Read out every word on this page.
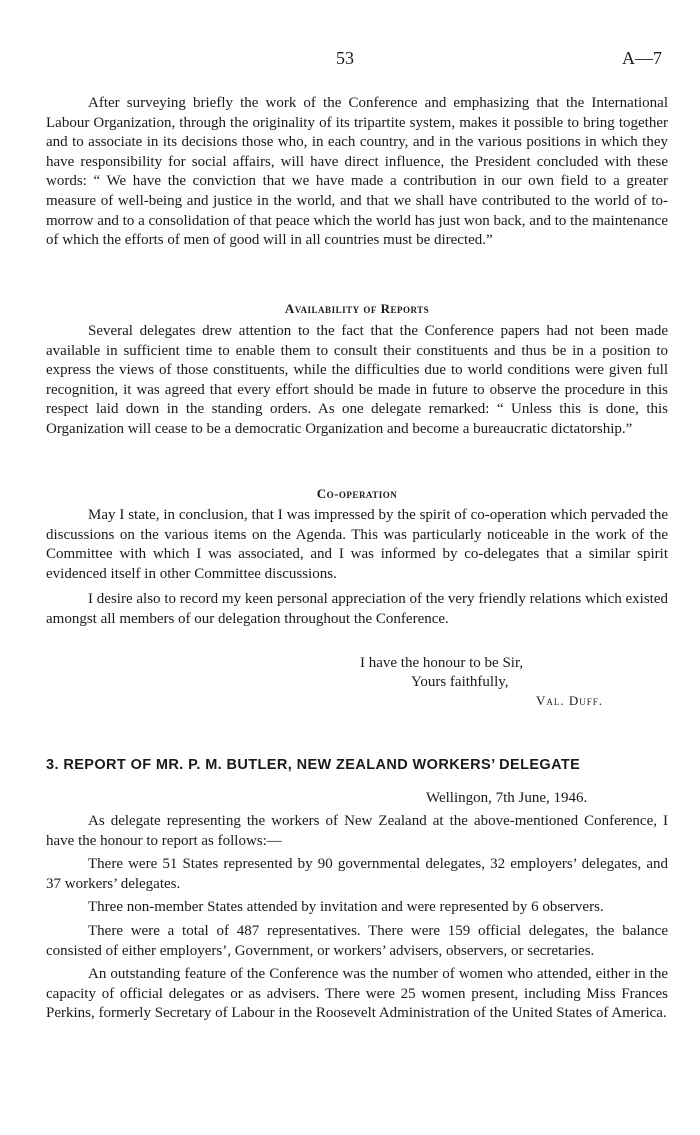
53	A—7

After surveying briefly the work of the Conference and emphasizing that the International Labour Organization, through the originality of its tripartite system, makes it possible to bring together and to associate in its decisions those who, in each country, and in the various positions in which they have responsibility for social affairs, will have direct influence, the President concluded with these words: “ We have the conviction that we have made a contribution in our own field to a greater measure of well-being and justice in the world, and that we shall have contributed to the world of to-morrow and to a consolidation of that peace which the world has just won back, and to the maintenance of which the efforts of men of good will in all countries must be directed.”

Availability of Reports

Several delegates drew attention to the fact that the Conference papers had not been made available in sufficient time to enable them to consult their constituents and thus be in a position to express the views of those constituents, while the difficulties due to world conditions were given full recognition, it was agreed that every effort should be made in future to observe the procedure in this respect laid down in the standing orders. As one delegate remarked: “ Unless this is done, this Organization will cease to be a democratic Organization and become a bureaucratic dictatorship.”

Co-operation

May I state, in conclusion, that I was impressed by the spirit of co-operation which pervaded the discussions on the various items on the Agenda. This was particularly noticeable in the work of the Committee with which I was associated, and I was informed by co-delegates that a similar spirit evidenced itself in other Committee discussions.

I desire also to record my keen personal appreciation of the very friendly relations which existed amongst all members of our delegation throughout the Conference.

I have the honour to be Sir,
Yours faithfully,
Val. Duff.
3. REPORT OF MR. P. M. BUTLER, NEW ZEALAND WORKERS’ DELEGATE
Wellingon, 7th June, 1946.

As delegate representing the workers of New Zealand at the above-mentioned Conference, I have the honour to report as follows:—

There were 51 States represented by 90 governmental delegates, 32 employers’ delegates, and 37 workers’ delegates.

Three non-member States attended by invitation and were represented by 6 observers.

There were a total of 487 representatives. There were 159 official delegates, the balance consisted of either employers’, Government, or workers’ advisers, observers, or secretaries.

An outstanding feature of the Conference was the number of women who attended, either in the capacity of official delegates or as advisers. There were 25 women present, including Miss Frances Perkins, formerly Secretary of Labour in the Roosevelt Administration of the United States of America.
